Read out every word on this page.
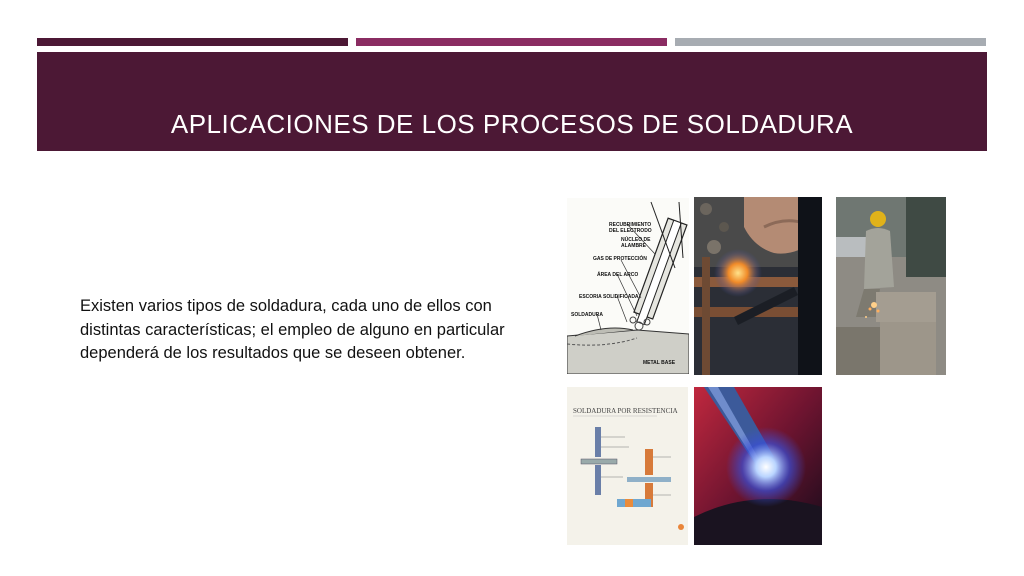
APLICACIONES DE LOS PROCESOS DE SOLDADURA

Existen varios tipos de soldadura, cada uno de ellos con distintas características; el empleo de alguno en particular dependerá de los resultados que se deseen obtener.

RECUBRIMIENTO
DEL ELECTRODO
NÚCLEO DE
ALAMBRE
GAS DE PROTECCIÓN
ÁREA DEL ARCO
ESCORIA SOLIDIFICADA
SOLDADURA
METAL BASE
SOLDADURA POR RESISTENCIA
